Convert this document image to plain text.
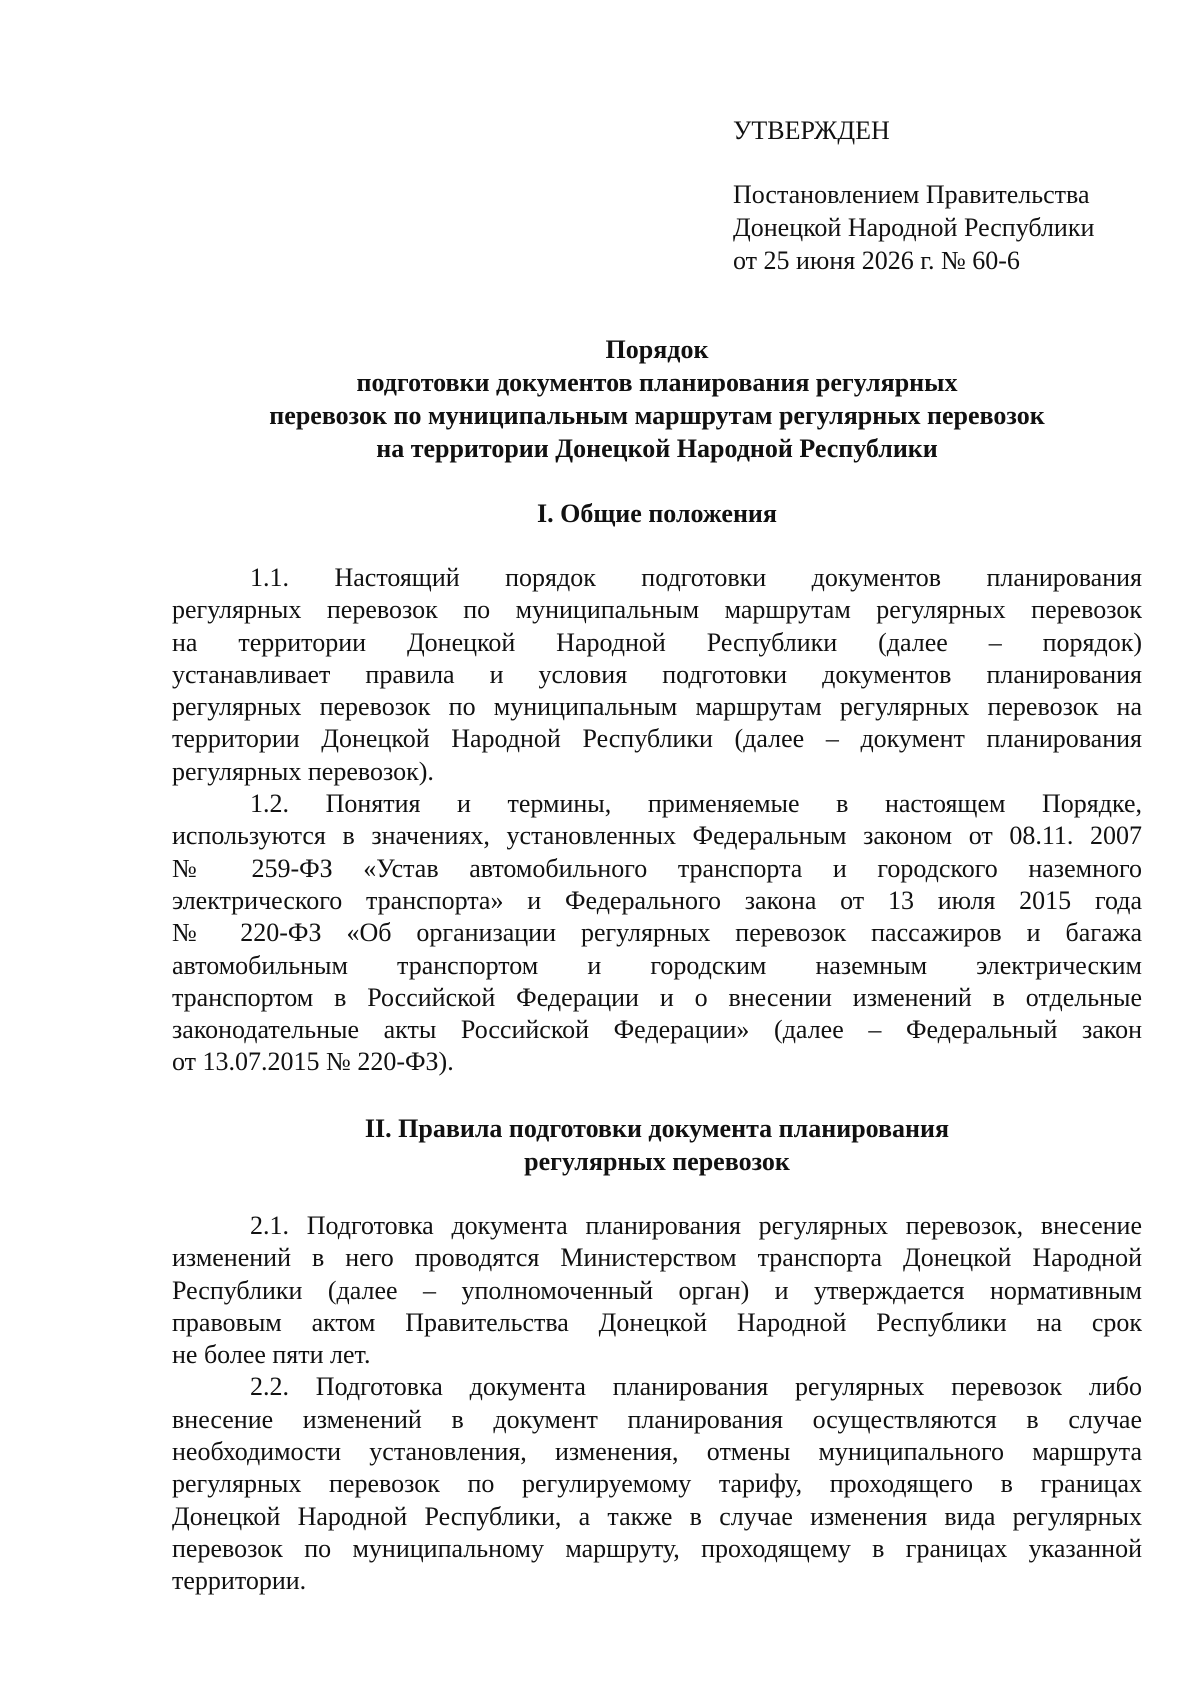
УТВЕРЖДЕН
Постановлением Правительства
Донецкой Народной Республики
от 25 июня 2026 г. № 60-6
Порядок
подготовки документов планирования регулярных
перевозок по муниципальным маршрутам регулярных перевозок
на территории Донецкой Народной Республики
I. Общие положения
1.1. Настоящий порядок подготовки документов планирования
регулярных перевозок по муниципальным маршрутам регулярных перевозок
на территории Донецкой Народной Республики (далее – порядок)
устанавливает правила и условия подготовки документов планирования
регулярных перевозок по муниципальным маршрутам регулярных перевозок на
территории Донецкой Народной Республики (далее – документ планирования
регулярных перевозок).
1.2. Понятия и термины, применяемые в настоящем Порядке,
используются в значениях, установленных Федеральным законом от 08.11. 2007
№ 259-ФЗ «Устав автомобильного транспорта и городского наземного
электрического транспорта» и Федерального закона от 13 июля 2015 года
№ 220-ФЗ «Об организации регулярных перевозок пассажиров и багажа
автомобильным транспортом и городским наземным электрическим
транспортом в Российской Федерации и о внесении изменений в отдельные
законодательные акты Российской Федерации» (далее – Федеральный закон
от 13.07.2015 № 220-ФЗ).
II. Правила подготовки документа планирования
регулярных перевозок
2.1. Подготовка документа планирования регулярных перевозок, внесение
изменений в него проводятся Министерством транспорта Донецкой Народной
Республики (далее – уполномоченный орган) и утверждается нормативным
правовым актом Правительства Донецкой Народной Республики на срок
не более пяти лет.
2.2. Подготовка документа планирования регулярных перевозок либо
внесение изменений в документ планирования осуществляются в случае
необходимости установления, изменения, отмены муниципального маршрута
регулярных перевозок по регулируемому тарифу, проходящего в границах
Донецкой Народной Республики, а также в случае изменения вида регулярных
перевозок по муниципальному маршруту, проходящему в границах указанной
территории.
